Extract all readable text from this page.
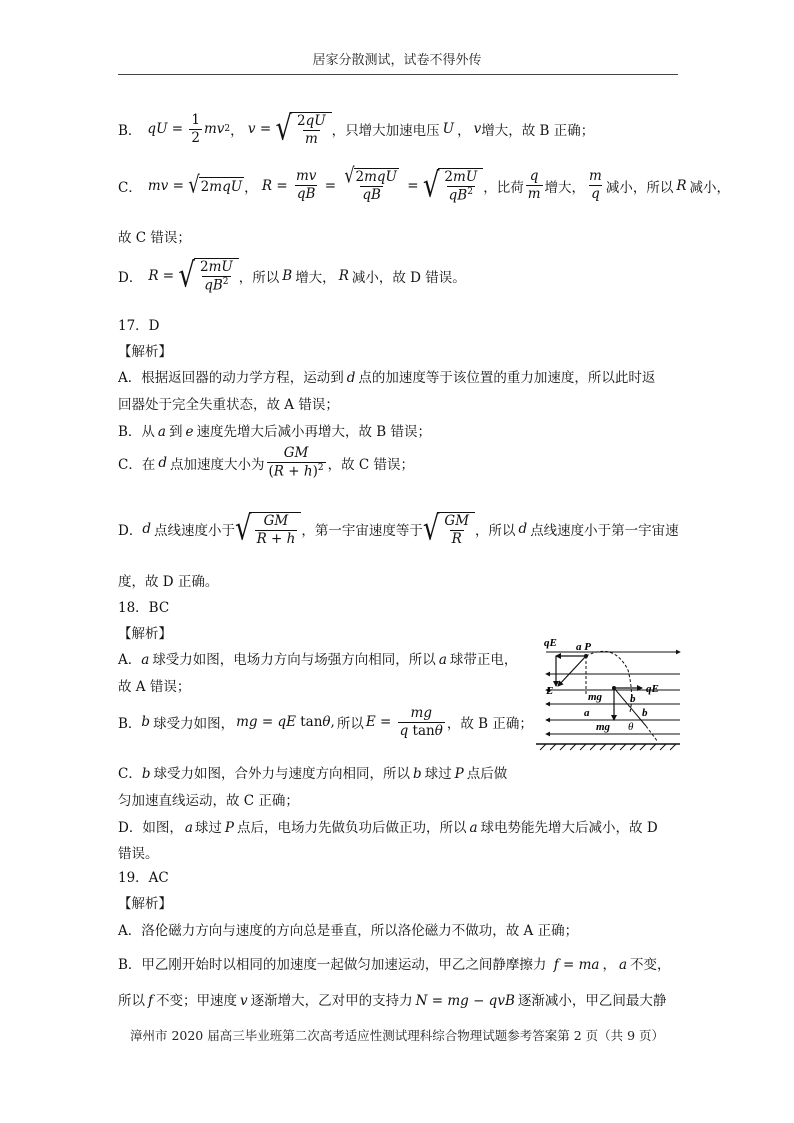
居家分散测试，试卷不得外传
B． qU = $\frac{1}{2}$ mv 2 ， v = √ $\frac{2qU}{m}$ ，只增大加速电压 U ， v 增大，故 B 正确；
C． mv = √ 2 mqU ， $R = \frac{mv}{qB} = \frac{\text{√ 2 mqU}}{qB}$ = √ $\frac{2mU}{qB^2}$ ，比荷 $\frac{q}{m}$ 增大， $\frac{m}{q}$ 减小，所以 R 减小，
故 C 错误；
D． R = √ $\frac{2mU}{qB^2}$ ，所以 B 增大， R 减小，故 D 错误。
17．D
【解析】
A．根据返回器的动力学方程，运动到 d 点的加速度等于该位置的重力加速度，所以此时返
回器处于完全失重状态，故 A 错误；
B．从 a 到 e 速度先增大后减小再增大，故 B 错误；
C．在 d 点加速度大小为 $\frac{GM}{(R + h)^2}$ ，故 C 错误；
D． d 点线速度小于 √ $\frac{GM}{R + h}$ ，第一宇宙速度等于 √ $\frac{GM}{R}$ ，所以 d 点线速度小于第一宇宙速
度，故 D 正确。
18．BC
【解析】
A．a 球受力如图，电场力方向与场强方向相同，所以 a 球带正电，
故 A 错误；
B． b 球受力如图， mg = qE tanθ, 所以 $E = \frac{mg}{\text{q tanθ}}$ ，故 B 正确；
C．b 球受力如图，合外力与速度方向相同，所以 b 球过 P 点后做
匀加速直线运动，故 C 正确；
D．如图， a 球过 P 点后，电场力先做负功后做正功，所以 a 球电势能先增大后减小，故 D
错误。
qE a P
E	mg
qE
b
a	b
mg θ
19．AC
【解析】
A．洛伦磁力方向与速度的方向总是垂直，所以洛伦磁力不做功，故 A 正确；
B．甲乙刚开始时以相同的加速度一起做匀加速运动，甲乙之间静摩擦力 f = ma ， a 不变，
所以 f 不变；甲速度 v 逐渐增大，乙对甲的支持力 N = mg − qvB 逐渐减小，甲乙间最大静
漳州市 2020 届高三毕业班第二次高考适应性测试理科综合物理试题参考答案第 2 页（共 9 页）
